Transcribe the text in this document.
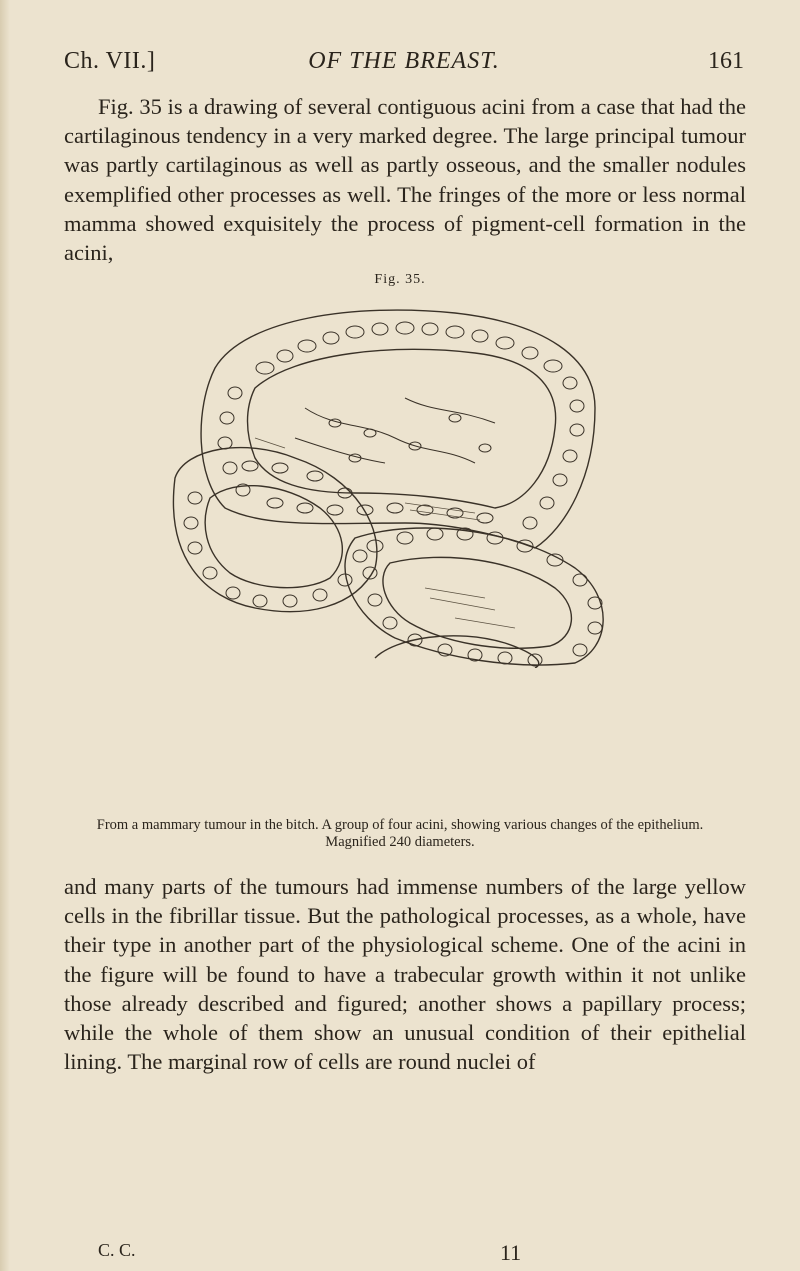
Ch. VII.]	OF THE BREAST.	161

Fig. 35 is a drawing of several contiguous acini from a case that had the cartilaginous tendency in a very marked degree. The large principal tumour was partly cartilaginous as well as partly osseous, and the smaller nodules exemplified other processes as well. The fringes of the more or less normal mamma showed exquisitely the process of pigment-cell formation in the acini,

Fig. 35.
From a mammary tumour in the bitch. A group of four acini, showing various changes of the epithelium. Magnified 240 diameters.

and many parts of the tumours had immense numbers of the large yellow cells in the fibrillar tissue. But the pathological processes, as a whole, have their type in another part of the physiological scheme. One of the acini in the figure will be found to have a trabecular growth within it not unlike those already described and figured; another shows a papillary process; while the whole of them show an unusual condition of their epithelial lining. The marginal row of cells are round nuclei of

C. C.	11
